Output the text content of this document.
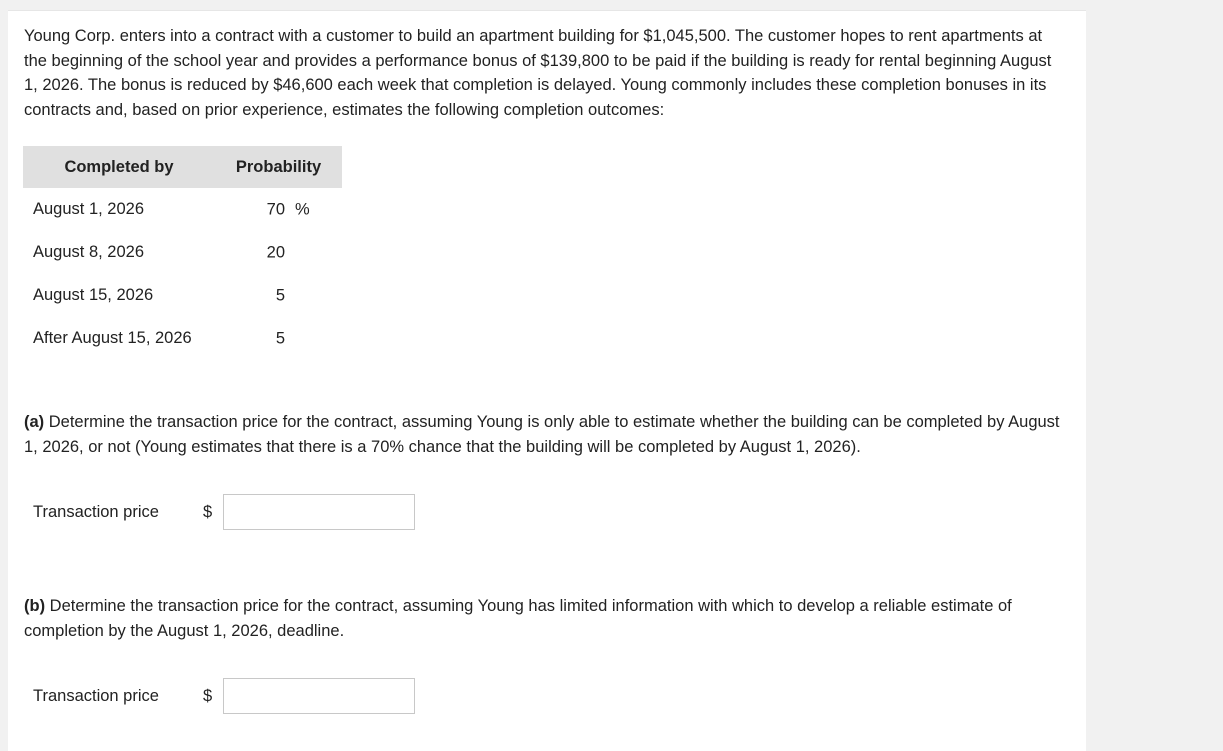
Young Corp. enters into a contract with a customer to build an apartment building for $1,045,500. The customer hopes to rent apartments at the beginning of the school year and provides a performance bonus of $139,800 to be paid if the building is ready for rental beginning August 1, 2026. The bonus is reduced by $46,600 each week that completion is delayed. Young commonly includes these completion bonuses in its contracts and, based on prior experience, estimates the following completion outcomes:

Completed by	Probability
August 1, 2026	70 %

August 8, 2026	20

August 15, 2026	5

After August 15, 2026	5

(a) Determine the transaction price for the contract, assuming Young is only able to estimate whether the building can be completed by August 1, 2026, or not (Young estimates that there is a 70% chance that the building will be completed by August 1, 2026).

Transaction price	$

(b) Determine the transaction price for the contract, assuming Young has limited information with which to develop a reliable estimate of completion by the August 1, 2026, deadline.

Transaction price	$
